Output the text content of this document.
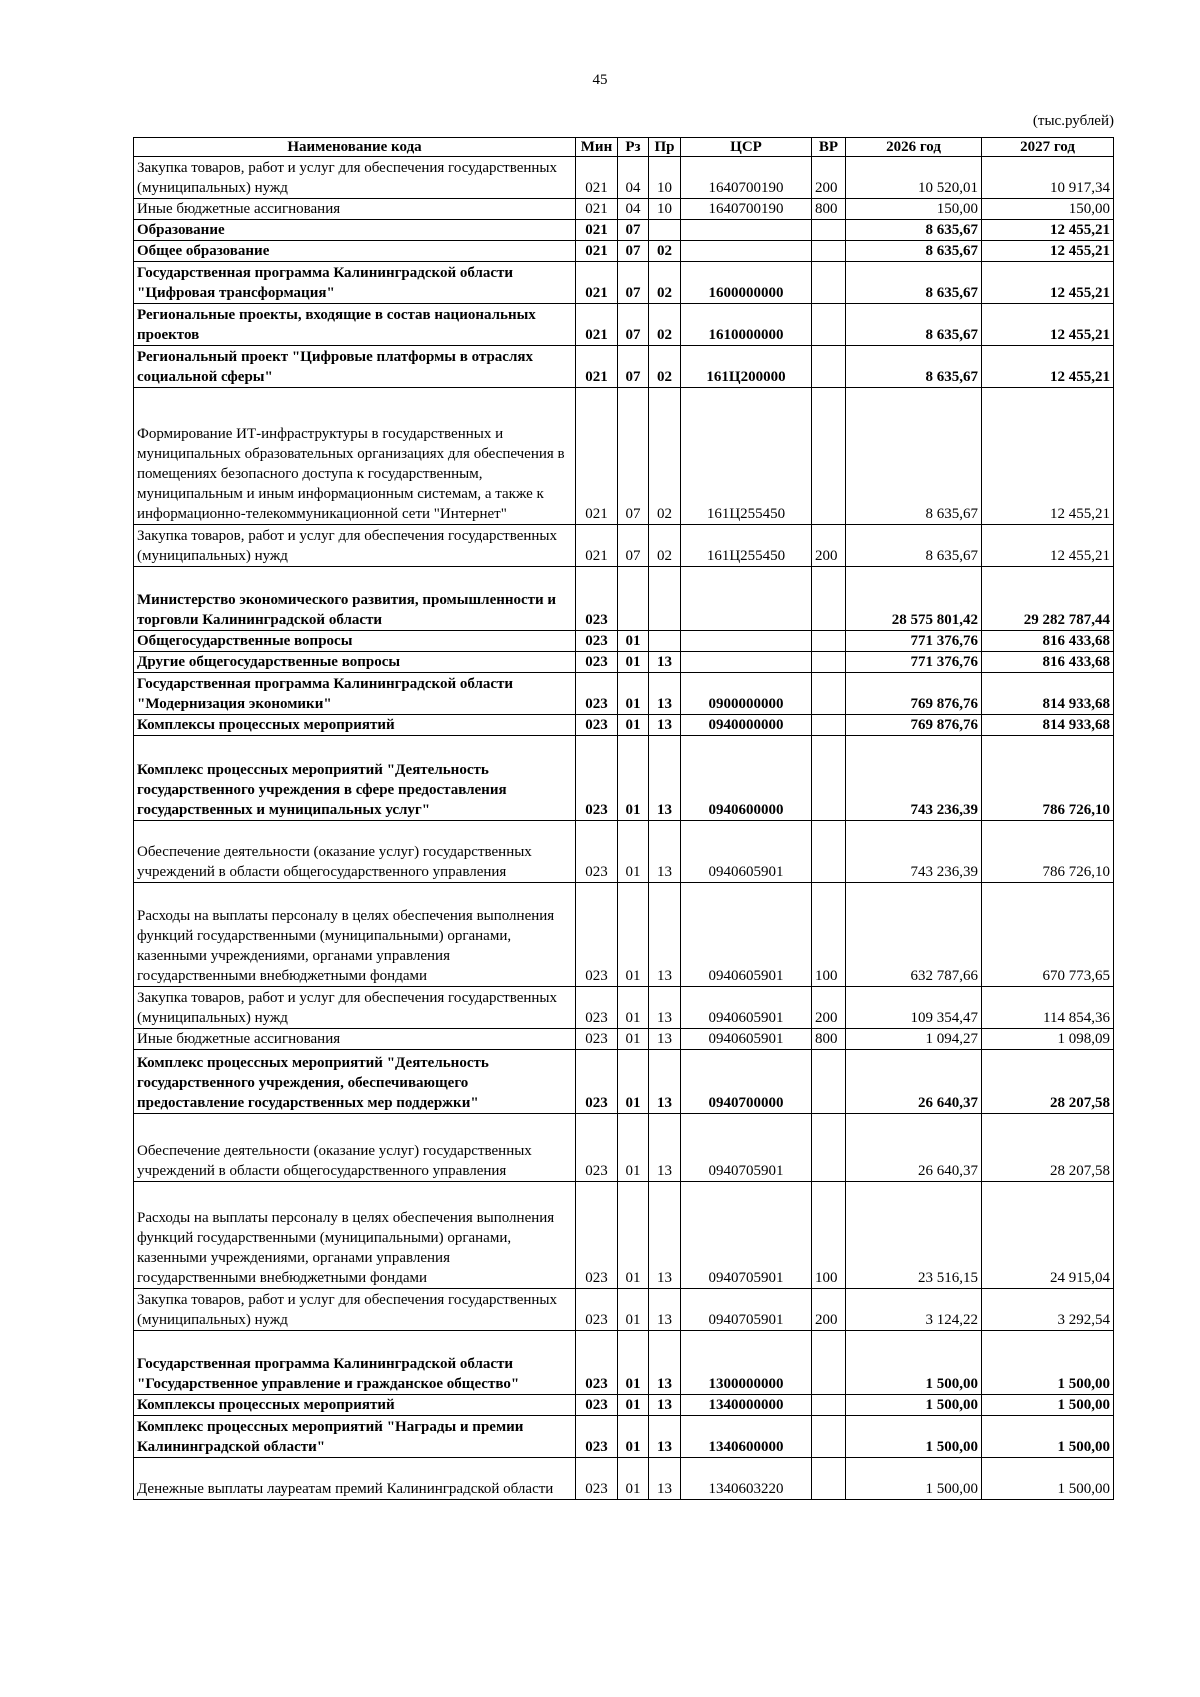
45
(тыс.рублей)
Наименование кода	Мин	Рз	Пр	ЦСР	ВР	2026 год	2027 год
Закупка товаров, работ и услуг для обеспечения государственных (муниципальных) нужд	021	04	10	1640700190	200	10 520,01	10 917,34
Иные бюджетные ассигнования	021	04	10	1640700190	800	150,00	150,00
Образование	021	07				8 635,67	12 455,21
Общее образование	021	07	02			8 635,67	12 455,21
Государственная программа Калининградской области "Цифровая трансформация"	021	07	02	1600000000		8 635,67	12 455,21
Региональные проекты, входящие в состав национальных проектов	021	07	02	1610000000		8 635,67	12 455,21
Региональный проект "Цифровые платформы в отраслях социальной сферы"	021	07	02	161Ц200000		8 635,67	12 455,21
Формирование ИТ-инфраструктуры в государственных и муниципальных образовательных организациях для обеспечения в помещениях безопасного доступа к государственным, муниципальным и иным информационным системам, а также к информационно-телекоммуникационной сети "Интернет"	021	07	02	161Ц255450		8 635,67	12 455,21
Закупка товаров, работ и услуг для обеспечения государственных (муниципальных) нужд	021	07	02	161Ц255450	200	8 635,67	12 455,21
Министерство экономического развития, промышленности и торговли Калининградской области	023					28 575 801,42	29 282 787,44
Общегосударственные вопросы	023	01				771 376,76	816 433,68
Другие общегосударственные вопросы	023	01	13			771 376,76	816 433,68
Государственная программа Калининградской области "Модернизация экономики"	023	01	13	0900000000		769 876,76	814 933,68
Комплексы процессных мероприятий	023	01	13	0940000000		769 876,76	814 933,68
Комплекс процессных мероприятий "Деятельность государственного учреждения в сфере предоставления государственных и муниципальных услуг"	023	01	13	0940600000		743 236,39	786 726,10
Обеспечение деятельности (оказание услуг) государственных учреждений в области общегосударственного управления	023	01	13	0940605901		743 236,39	786 726,10
Расходы на выплаты персоналу в целях обеспечения выполнения функций государственными (муниципальными) органами, казенными учреждениями, органами управления государственными внебюджетными фондами	023	01	13	0940605901	100	632 787,66	670 773,65
Закупка товаров, работ и услуг для обеспечения государственных (муниципальных) нужд	023	01	13	0940605901	200	109 354,47	114 854,36
Иные бюджетные ассигнования	023	01	13	0940605901	800	1 094,27	1 098,09
Комплекс процессных мероприятий "Деятельность государственного учреждения, обеспечивающего предоставление государственных мер поддержки"	023	01	13	0940700000		26 640,37	28 207,58
Обеспечение деятельности (оказание услуг) государственных учреждений в области общегосударственного управления	023	01	13	0940705901		26 640,37	28 207,58
Расходы на выплаты персоналу в целях обеспечения выполнения функций государственными (муниципальными) органами, казенными учреждениями, органами управления государственными внебюджетными фондами	023	01	13	0940705901	100	23 516,15	24 915,04
Закупка товаров, работ и услуг для обеспечения государственных (муниципальных) нужд	023	01	13	0940705901	200	3 124,22	3 292,54
Государственная программа Калининградской области "Государственное управление и гражданское общество"	023	01	13	1300000000		1 500,00	1 500,00
Комплексы процессных мероприятий	023	01	13	1340000000		1 500,00	1 500,00
Комплекс процессных мероприятий "Награды и премии Калининградской области"	023	01	13	1340600000		1 500,00	1 500,00
Денежные выплаты лауреатам премий Калининградской области	023	01	13	1340603220		1 500,00	1 500,00
